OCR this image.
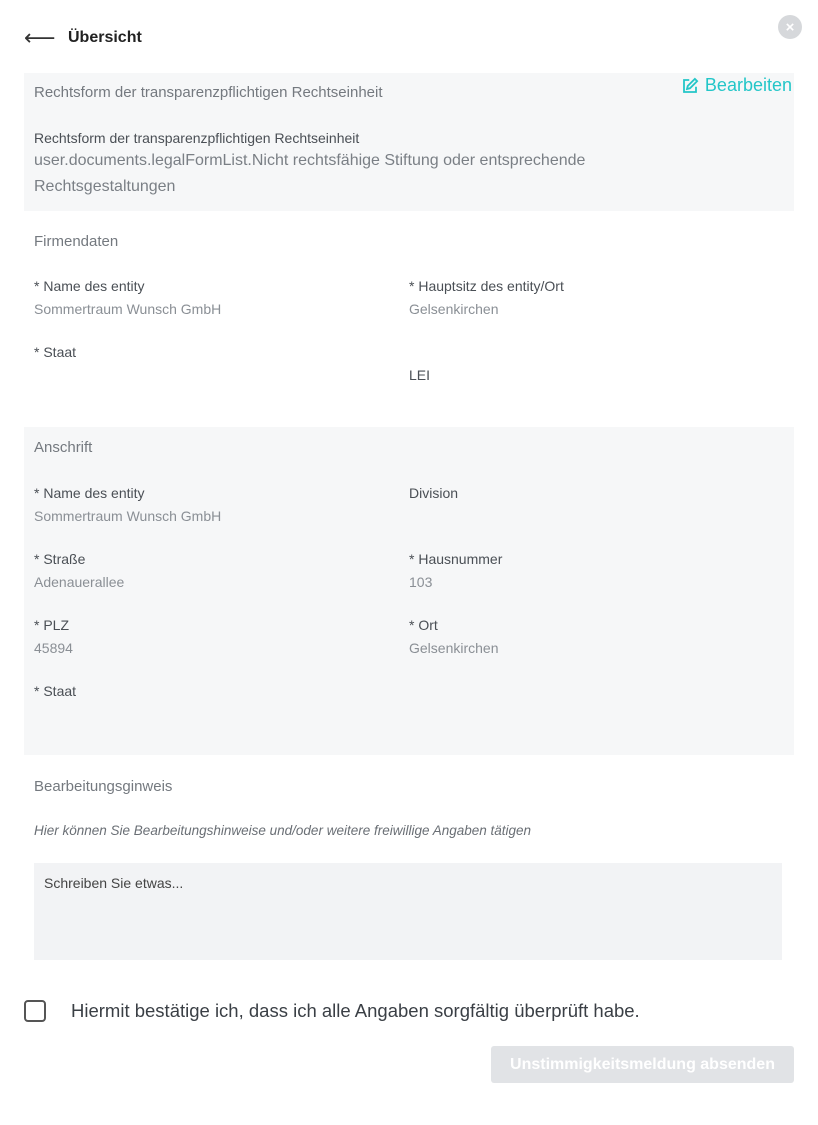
⟵ Übersicht
×
Rechtsform der transparenzpflichtigen Rechtseinheit	Bearbeiten
Rechtsform der transparenzpflichtigen Rechtseinheit
user.documents.legalFormList.Nicht rechtsfähige Stiftung oder entsprechende Rechtsgestaltungen
Firmendaten
* Name des entity
Sommertraum Wunsch GmbH
* Hauptsitz des entity/Ort
Gelsenkirchen
* Staat
LEI
Anschrift
* Name des entity
Sommertraum Wunsch GmbH
Division
* Straße
Adenauerallee
* Hausnummer
103
* PLZ
45894
* Ort
Gelsenkirchen
* Staat
Bearbeitungsginweis
Hier können Sie Bearbeitungshinweise und/oder weitere freiwillige Angaben tätigen
Schreiben Sie etwas...
Hiermit bestätige ich, dass ich alle Angaben sorgfältig überprüft habe.
Unstimmigkeitsmeldung absenden
